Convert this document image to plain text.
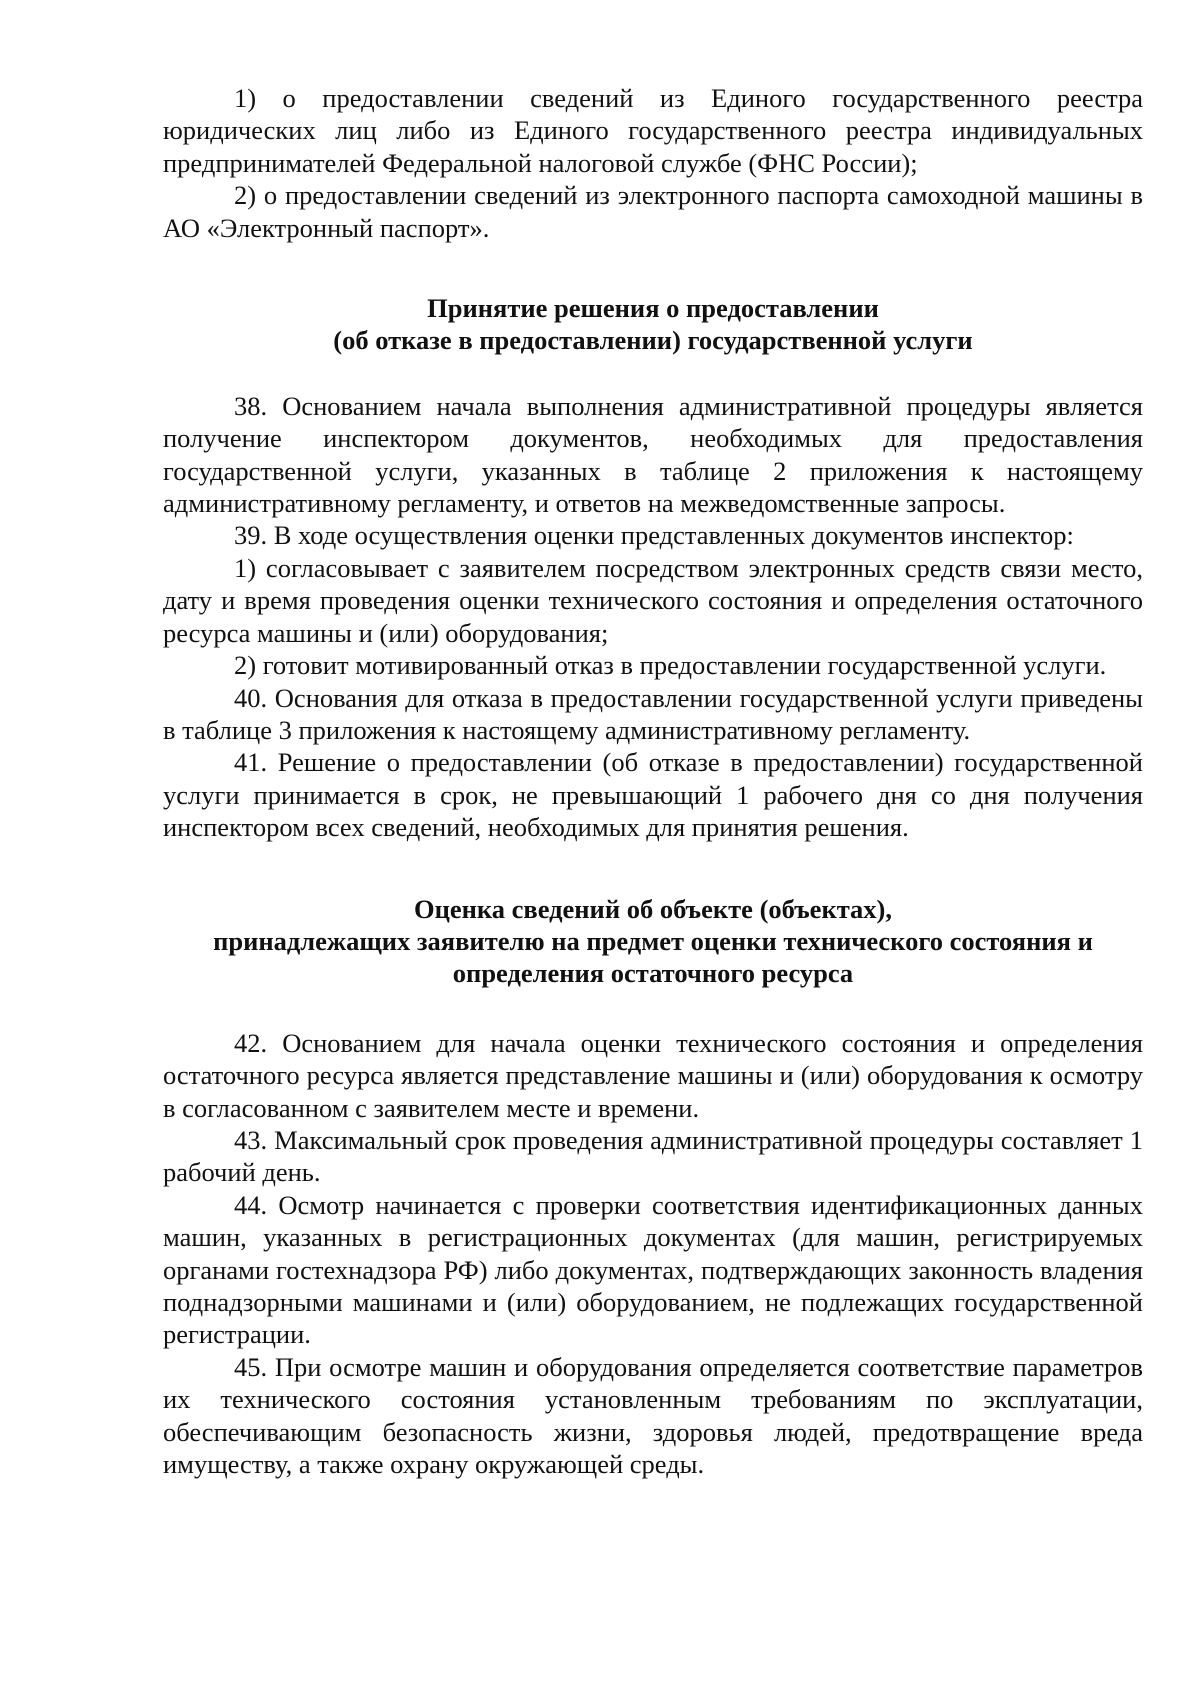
1) о предоставлении сведений из Единого государственного реестра юридических лиц либо из Единого государственного реестра индивидуальных предпринимателей Федеральной налоговой службе (ФНС России);

2) о предоставлении сведений из электронного паспорта самоходной машины в АО «Электронный паспорт».

Принятие решения о предоставлении

(об отказе в предоставлении) государственной услуги

38. Основанием начала выполнения административной процедуры является получение инспектором документов, необходимых для предоставления государственной услуги, указанных в таблице 2 приложения к настоящему административному регламенту, и ответов на межведомственные запросы.

39. В ходе осуществления оценки представленных документов инспектор:

1) согласовывает с заявителем посредством электронных средств связи место, дату и время проведения оценки технического состояния и определения остаточного ресурса машины и (или) оборудования;

2) готовит мотивированный отказ в предоставлении государственной услуги.

40. Основания для отказа в предоставлении государственной услуги приведены в таблице 3 приложения к настоящему административному регламенту.

41. Решение о предоставлении (об отказе в предоставлении) государственной услуги принимается в срок, не превышающий 1 рабочего дня со дня получения инспектором всех сведений, необходимых для принятия решения.

Оценка сведений об объекте (объектах),

принадлежащих заявителю на предмет оценки технического состояния и

определения остаточного ресурса

42. Основанием для начала оценки технического состояния и определения остаточного ресурса является представление машины и (или) оборудования к осмотру в согласованном с заявителем месте и времени.

43. Максимальный срок проведения административной процедуры составляет 1 рабочий день.

44. Осмотр начинается с проверки соответствия идентификационных данных машин, указанных в регистрационных документах (для машин, регистрируемых органами гостехнадзора РФ) либо документах, подтверждающих законность владения поднадзорными машинами и (или) оборудованием, не подлежащих государственной регистрации.

45. При осмотре машин и оборудования определяется соответствие параметров их технического состояния установленным требованиям по эксплуатации, обеспечивающим безопасность жизни, здоровья людей, предотвращение вреда имуществу, а также охрану окружающей среды.
